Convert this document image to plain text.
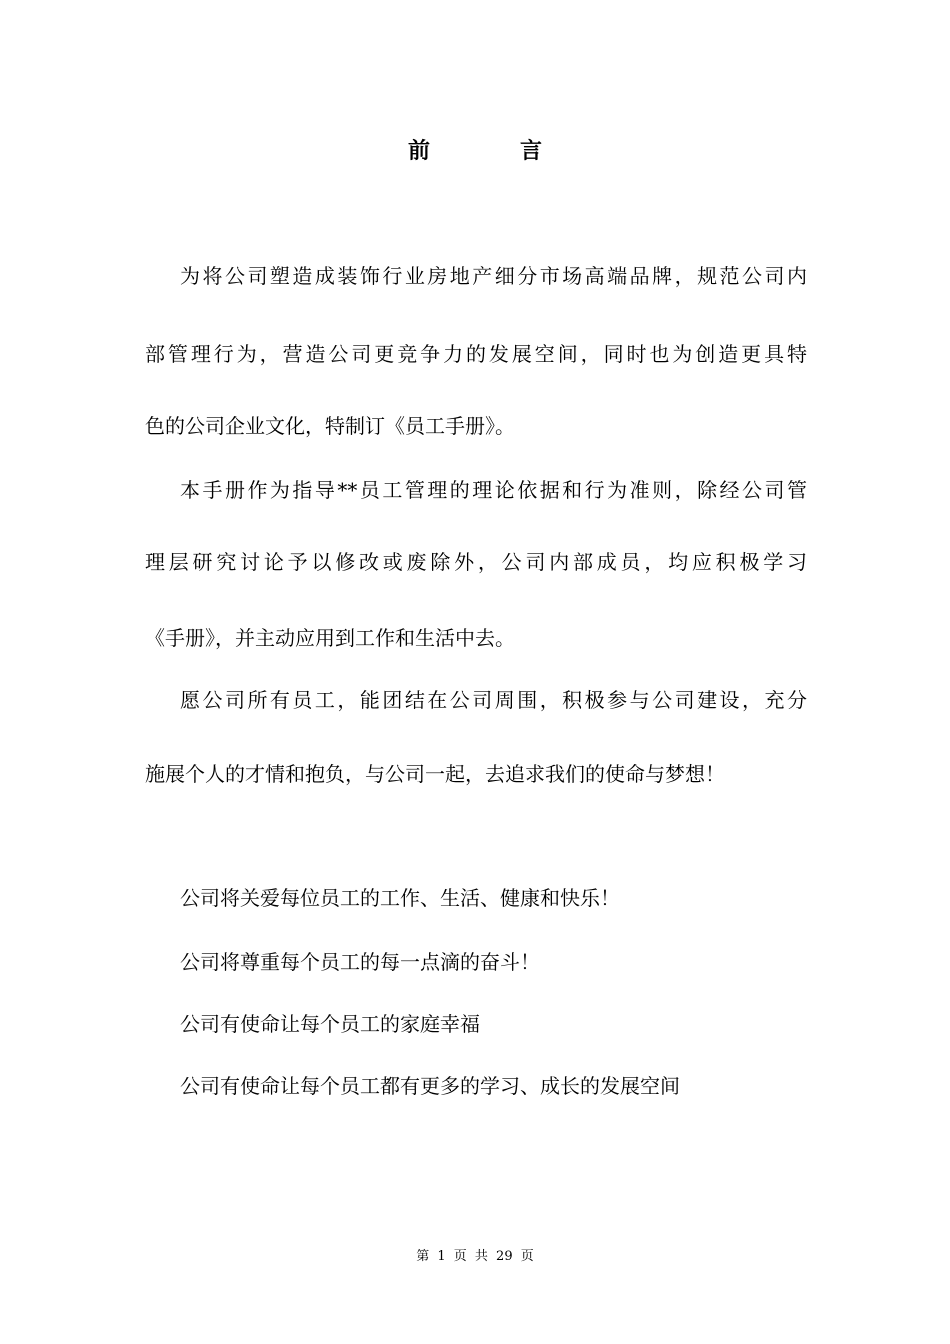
前　言
为将公司塑造成装饰行业房地产细分市场高端品牌，规范公司内
部管理行为，营造公司更竞争力的发展空间，同时也为创造更具特
色的公司企业文化，特制订《员工手册》。
本手册作为指导**员工管理的理论依据和行为准则，除经公司管
理层研究讨论予以修改或废除外，公司内部成员，均应积极学习
《手册》，并主动应用到工作和生活中去。
愿公司所有员工，能团结在公司周围，积极参与公司建设，充分
施展个人的才情和抱负，与公司一起，去追求我们的使命与梦想！
公司将关爱每位员工的工作、生活、健康和快乐！
公司将尊重每个员工的每一点滴的奋斗！
公司有使命让每个员工的家庭幸福
公司有使命让每个员工都有更多的学习、成长的发展空间
第 1 页 共 29 页
